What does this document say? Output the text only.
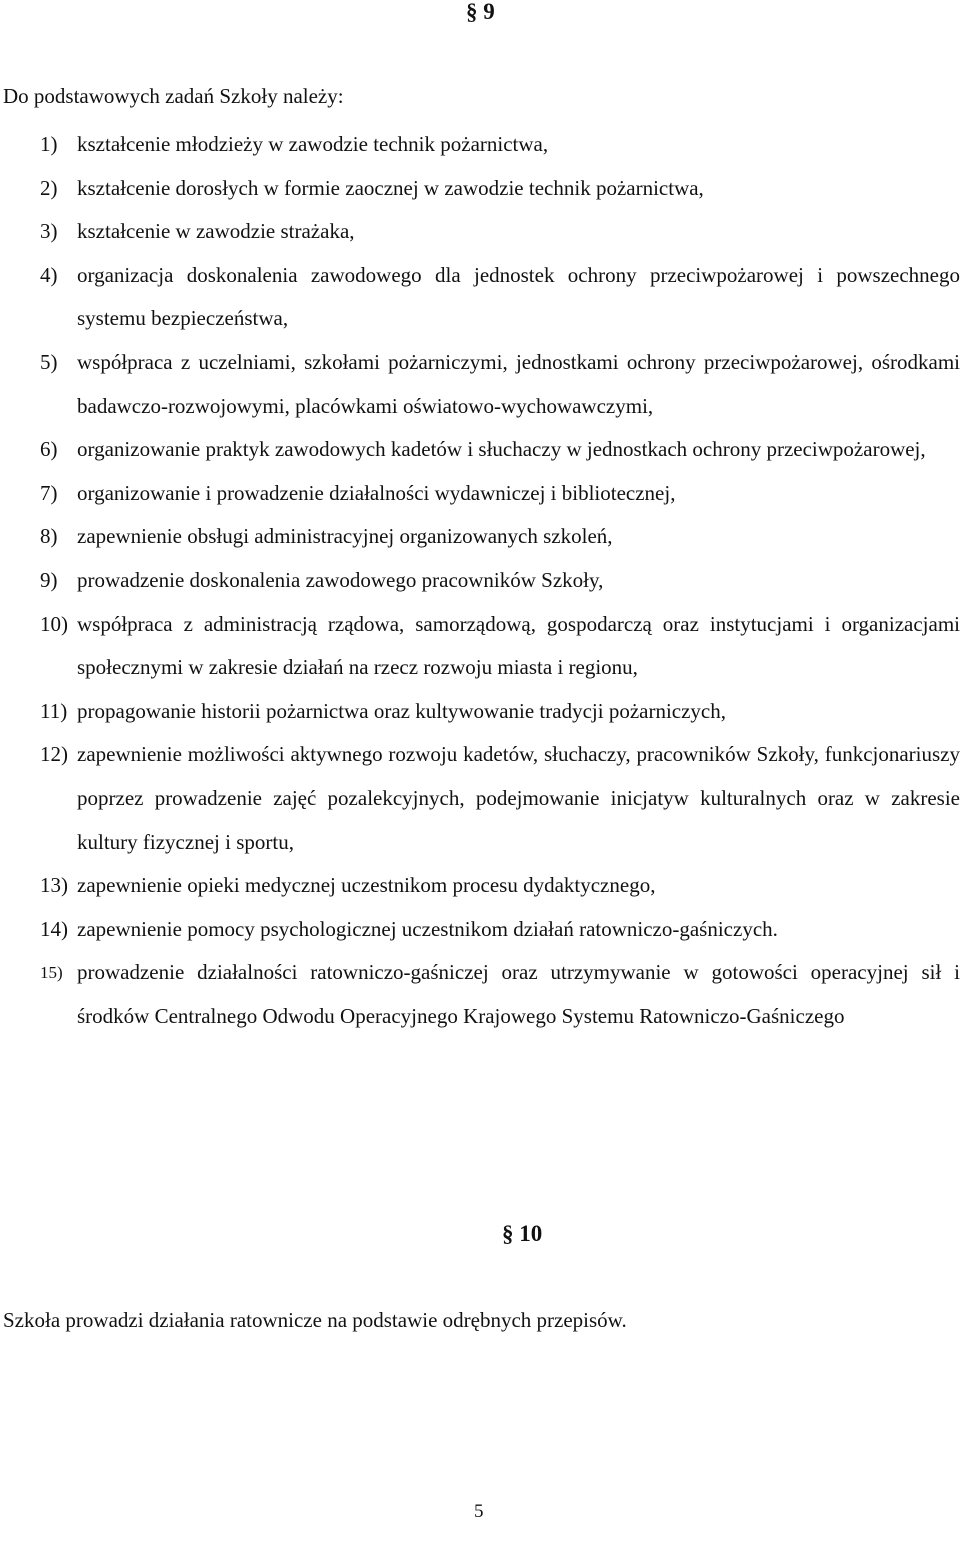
§ 9
Do podstawowych zadań Szkoły należy:
1) kształcenie młodzieży w zawodzie technik pożarnictwa,
2) kształcenie dorosłych w formie zaocznej w zawodzie technik pożarnictwa,
3) kształcenie w zawodzie strażaka,
4) organizacja doskonalenia zawodowego dla jednostek ochrony przeciwpożarowej i powszechnego systemu bezpieczeństwa,
5) współpraca z uczelniami, szkołami pożarniczymi, jednostkami ochrony przeciwpożarowej, ośrodkami badawczo-rozwojowymi, placówkami oświatowo-wychowawczymi,
6) organizowanie praktyk zawodowych kadetów i słuchaczy w jednostkach ochrony przeciwpożarowej,
7) organizowanie i prowadzenie działalności wydawniczej i bibliotecznej,
8) zapewnienie obsługi administracyjnej organizowanych szkoleń,
9) prowadzenie doskonalenia zawodowego pracowników Szkoły,
10) współpraca z administracją rządowa, samorządową, gospodarczą oraz instytucjami i organizacjami społecznymi w zakresie działań na rzecz rozwoju miasta i regionu,
11) propagowanie historii pożarnictwa oraz kultywowanie tradycji pożarniczych,
12) zapewnienie możliwości aktywnego rozwoju kadetów, słuchaczy, pracowników Szkoły, funkcjonariuszy poprzez prowadzenie zajęć pozalekcyjnych, podejmowanie inicjatyw kulturalnych oraz w zakresie kultury fizycznej i sportu,
13) zapewnienie opieki medycznej uczestnikom procesu dydaktycznego,
14) zapewnienie pomocy psychologicznej uczestnikom działań ratowniczo-gaśniczych.
15) prowadzenie działalności ratowniczo-gaśniczej oraz utrzymywanie w gotowości operacyjnej sił i środków Centralnego Odwodu Operacyjnego Krajowego Systemu Ratowniczo-Gaśniczego
§ 10
Szkoła prowadzi działania ratownicze na podstawie odrębnych przepisów.
5
